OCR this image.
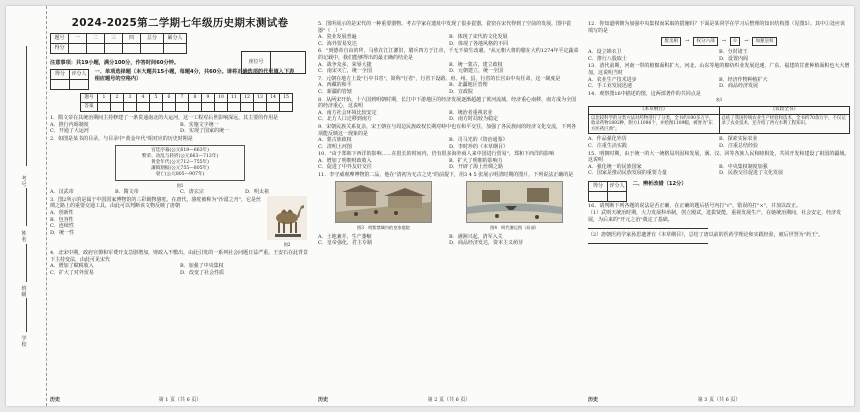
考号
姓名
班级
学校
2024-2025第二学期七年级历史期末测试卷
题号	一	二	三	四	总分	累分人
得分						
座位号	
注意事项：共19小题，满分100分，作答时间60分钟。
得分	评分人
	一、单项选择题（本大题共15小题，每题4分，共60分。请将正确选项的代号填入下表相应题号的空格内）
题号	1	2	3	4	5	6	7	8	9	10	11	12	13	14	15
答案															
1．隋文帝在其统治期间主持修建了一条贯通南北的大运河，这一工程对后世影响深远，其主要的作用是
A．推行内阁制度	B．实施文字统一
C．开通了大运河	D．实现了国家的统一
2．如图是某书的目录，与目录中"黄金年代"相对应的历史时期是
宫廷序幕(公元618—663年)
繁荣、动乱与转折(公元663—712年)
黄金年代(公元712—755年)
藩镇割据(公元755—805年)
衰亡(公元805—907年)
图1
A．汉武帝	B．隋文帝	C．唐玄宗	D．明太祖
3．图2所示的是属于中国国家博物馆的三彩载物骆驼。在唐代，骆驼被称为"沙漠之舟"，它是丝绸之路上的重要交通工具，由此可以判断该文物反映了唐朝
A．创新性
B．包容性
C．连续性
D．统一性
图2
4．北宋中期，政府官僚和军费开支急剧增加，财政入不敷出，由此引发的一系列社会问题日益严重。王安石在此背景下主持变法，由此可见宋代
A．增加了赋税收入	B．加强了中央集权
C．扩大了对外贸易	D．改变了社会性质
历史	第 1 页（共 6 页）
5．图所展示的是宋代的一种重要器物。考古学家在遗址中发现了很多瓷器，瓷窑在宋代得到了空前的发展，图中瓷器"（　）"
A．瓷业发展普遍	B．体现了宋代的文化发展
C．海外贸易发达	D．体现了各地风格的不同
6．"到德帝自由的拜，马欣在江江灌旧，腊兵四方于江市，千无不染生改避。"从元朝大将的腊在大约1274年平定蔬菜的记载中，我们能够得出的最正确的结论是
A．战争众多，荣辱大捷	B．统一蒙古，建立政权
C．南宋灭亡，统一全国	D．元朝建立，统一全国
7．元朝在地方上设"行中书省"，简称"行省"，行省下设路、府、州、县，行省的长官由中央任命，这一制度是
A．西藏的和平	B．北疆地区管理
C．新疆的管辖	D．宣政院
8．从两宋开始，十六国到明朝时期，长江中下游地区的经济发展逐渐超越了黄河流域，经济重心南移，南方成为全国的经济重心，这说明
A．南方社会环境比较安定	B．统治者重视农业
C．北方人口迁移到南方	D．南方时局较为稳定
9．宋朝民族关系复杂，宋王朝在与周边民族政权长期对峙中也有和平交往，加强了各民族间的经济文化交流，下列各项能反映这一现象的是
A．蒙古族政权	B．司马光的《资治通鉴》
C．清明上河图	D．李时珍的《本草纲目》
10．"由于郑和下西洋的影响……在很长的时间内，仍有很多海外商人来中国进行贸易"，郑和下西洋的影响
A．增加了明朝财政收入	B．扩大了明朝的影响力
C．促进了中外友好交往	D．开辟了海上丝绸之路
11．李守威观摩博物馆二品，他在"清初为无古之史"的前提下，用3 4 5 张展示明清时期的图片，下列说法正确的是
图3　明紫禁城内的皇家庭院	图4　明代漕运图（局部）
A．土地兼并，生产萎缩	B．满洲兴起，清军入关
C．皇帝强化，君主专制	D．商品经济发达，资本主义萌芽
历史	第 2 页（共 6 页）
12．你知道明朝为加强中央集权而采取的措施吗？下面是某同学在学习后整理的知识结构图（见图5）。其中①处应该填写的是
废丞相	→	权分六部	→	①	→	加强皇权
A．设立锦衣卫	B．分封诸王
C．推行八股取士	D．设置内阁
13．清代前期，河南一带的植棉面积扩大，河北、山东等地的棉纺织业发展迅速，广东、福建的甘蔗种植面积也大大增加，这说明当时
A．农业生产技术进步	B．经济作物种植扩大
C．手工业发展迅速	D．商品经济发展
14．观察图16中描述的图，这两部著作的共同点是
表1
《本草纲目》	《农政全书》
以比较科学的分类方法对药物进行了分类，全书约190多万字，收录药物1892种，附方11096个，并绘图1109幅，被誉为"东方医药巨典"。	总结了我国传统农业生产经验和技术，全书约70余万字，不仅记录了农业技术，还介绍了西方水利工程知识。
A．作品强化外货	B．探索实际农业
C．注重生活实践	D．注重总结经验
15．明朝时期，由于统一的大一统格局巩固和发展，满、汉、回等各族人民和睦相处，共同开发和建设了祖国的疆域。这说明
A．强化统一的民族国家	B．中央集权制度加强
C．国家是推动民族发展的重要力量	D．民族交往促进了文化发展
得分	评分人
	二、辨析改错（12分）
16．请判断下列各题的说法是否正确，在正确的题后括号内打"√"，错误的打"×"，并加以改正。
（1）武则天统治时期，大力发展科举制，创立殿试，选拔贤能，重视发展生产，在她统治期间，社会安定，经济发展，为后来的"开元之治"奠定了基础。
（2）唐朝医药学家孙思邈著有《本草纲目》，总结了唐以前的医药学理论和实践经验，被后世誉为"药王"。
历史	第 3 页（共 6 页）
